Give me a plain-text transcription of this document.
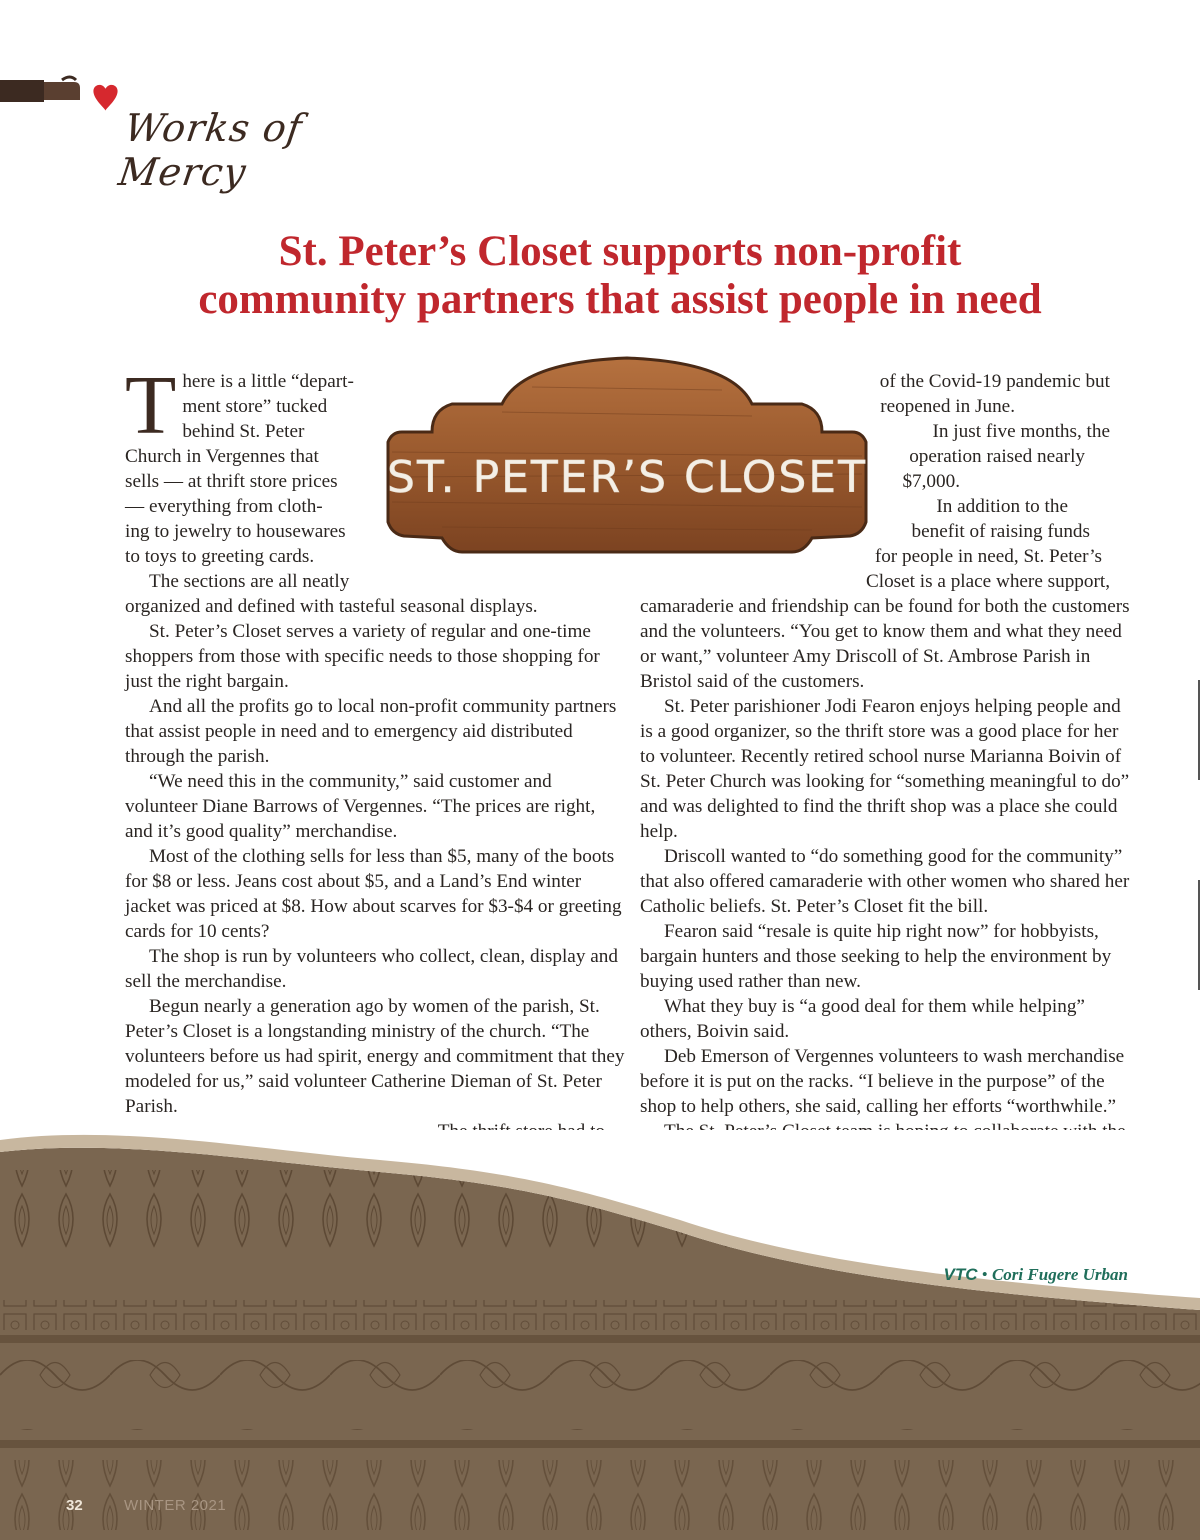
Works of Mercy
St. Peter’s Closet supports non-profit
community partners that assist people in need
ST. PETER’S CLOSET
T here is a little “depart-
ment store” tucked
behind St. Peter
Church in Vergennes that
sells — at thrift store prices
— everything from cloth-
ing to jewelry to housewares
to toys to greeting cards.
The sections are all neatly

organized and defined with tasteful seasonal displays.

St. Peter’s Closet serves a variety of regular and one-time shoppers from those with specific needs to those shopping for just the right bargain.

And all the profits go to local non-profit community partners that assist people in need and to emergency aid distributed through the parish.

“We need this in the community,” said customer and volunteer Diane Barrows of Vergennes. “The prices are right, and it’s good quality” merchandise.

Most of the clothing sells for less than $5, many of the boots for $8 or less. Jeans cost about $5, and a Land’s End winter jacket was priced at $8. How about scarves for $3-$4 or greeting cards for 10 cents?

The shop is run by volunteers who collect, clean, display and sell the merchandise.

Begun nearly a generation ago by women of the parish, St. Peter’s Closet is a longstanding ministry of the church. “The volunteers before us had spirit, energy and commitment that they modeled for us,” said volunteer Catherine Dieman of St. Peter Parish.

of the Covid-19 pandemic but
reopened in June.
In just five months, the
operation raised nearly
$7,000.
In addition to the
benefit of raising funds
for people in need, St. Peter’s
Closet is a place where support,

camaraderie and friendship can be found for both the customers and the volunteers. “You get to know them and what they need or want,” volunteer Amy Driscoll of St. Ambrose Parish in Bristol said of the customers.

St. Peter parishioner Jodi Fearon enjoys helping people and is a good organizer, so the thrift store was a good place for her to volunteer. Recently retired school nurse Marianna Boivin of St. Peter Church was looking for “something meaningful to do” and was delighted to find the thrift shop was a place she could help.

Driscoll wanted to “do something good for the community” that also offered camaraderie with other women who shared her Catholic beliefs. St. Peter’s Closet fit the bill.

Fearon said “resale is quite hip right now” for hobbyists, bargain hunters and those seeking to help the environment by buying used rather than new.

What they buy is “a good deal for them while helping” others, Boivin said.

Deb Emerson of Vergennes volunteers to wash merchandise before it is put on the racks. “I believe in the purpose” of the shop to help others, she said, calling her efforts “worthwhile.”

VTC • Cori Fugere Urban
32	WINTER 2021
